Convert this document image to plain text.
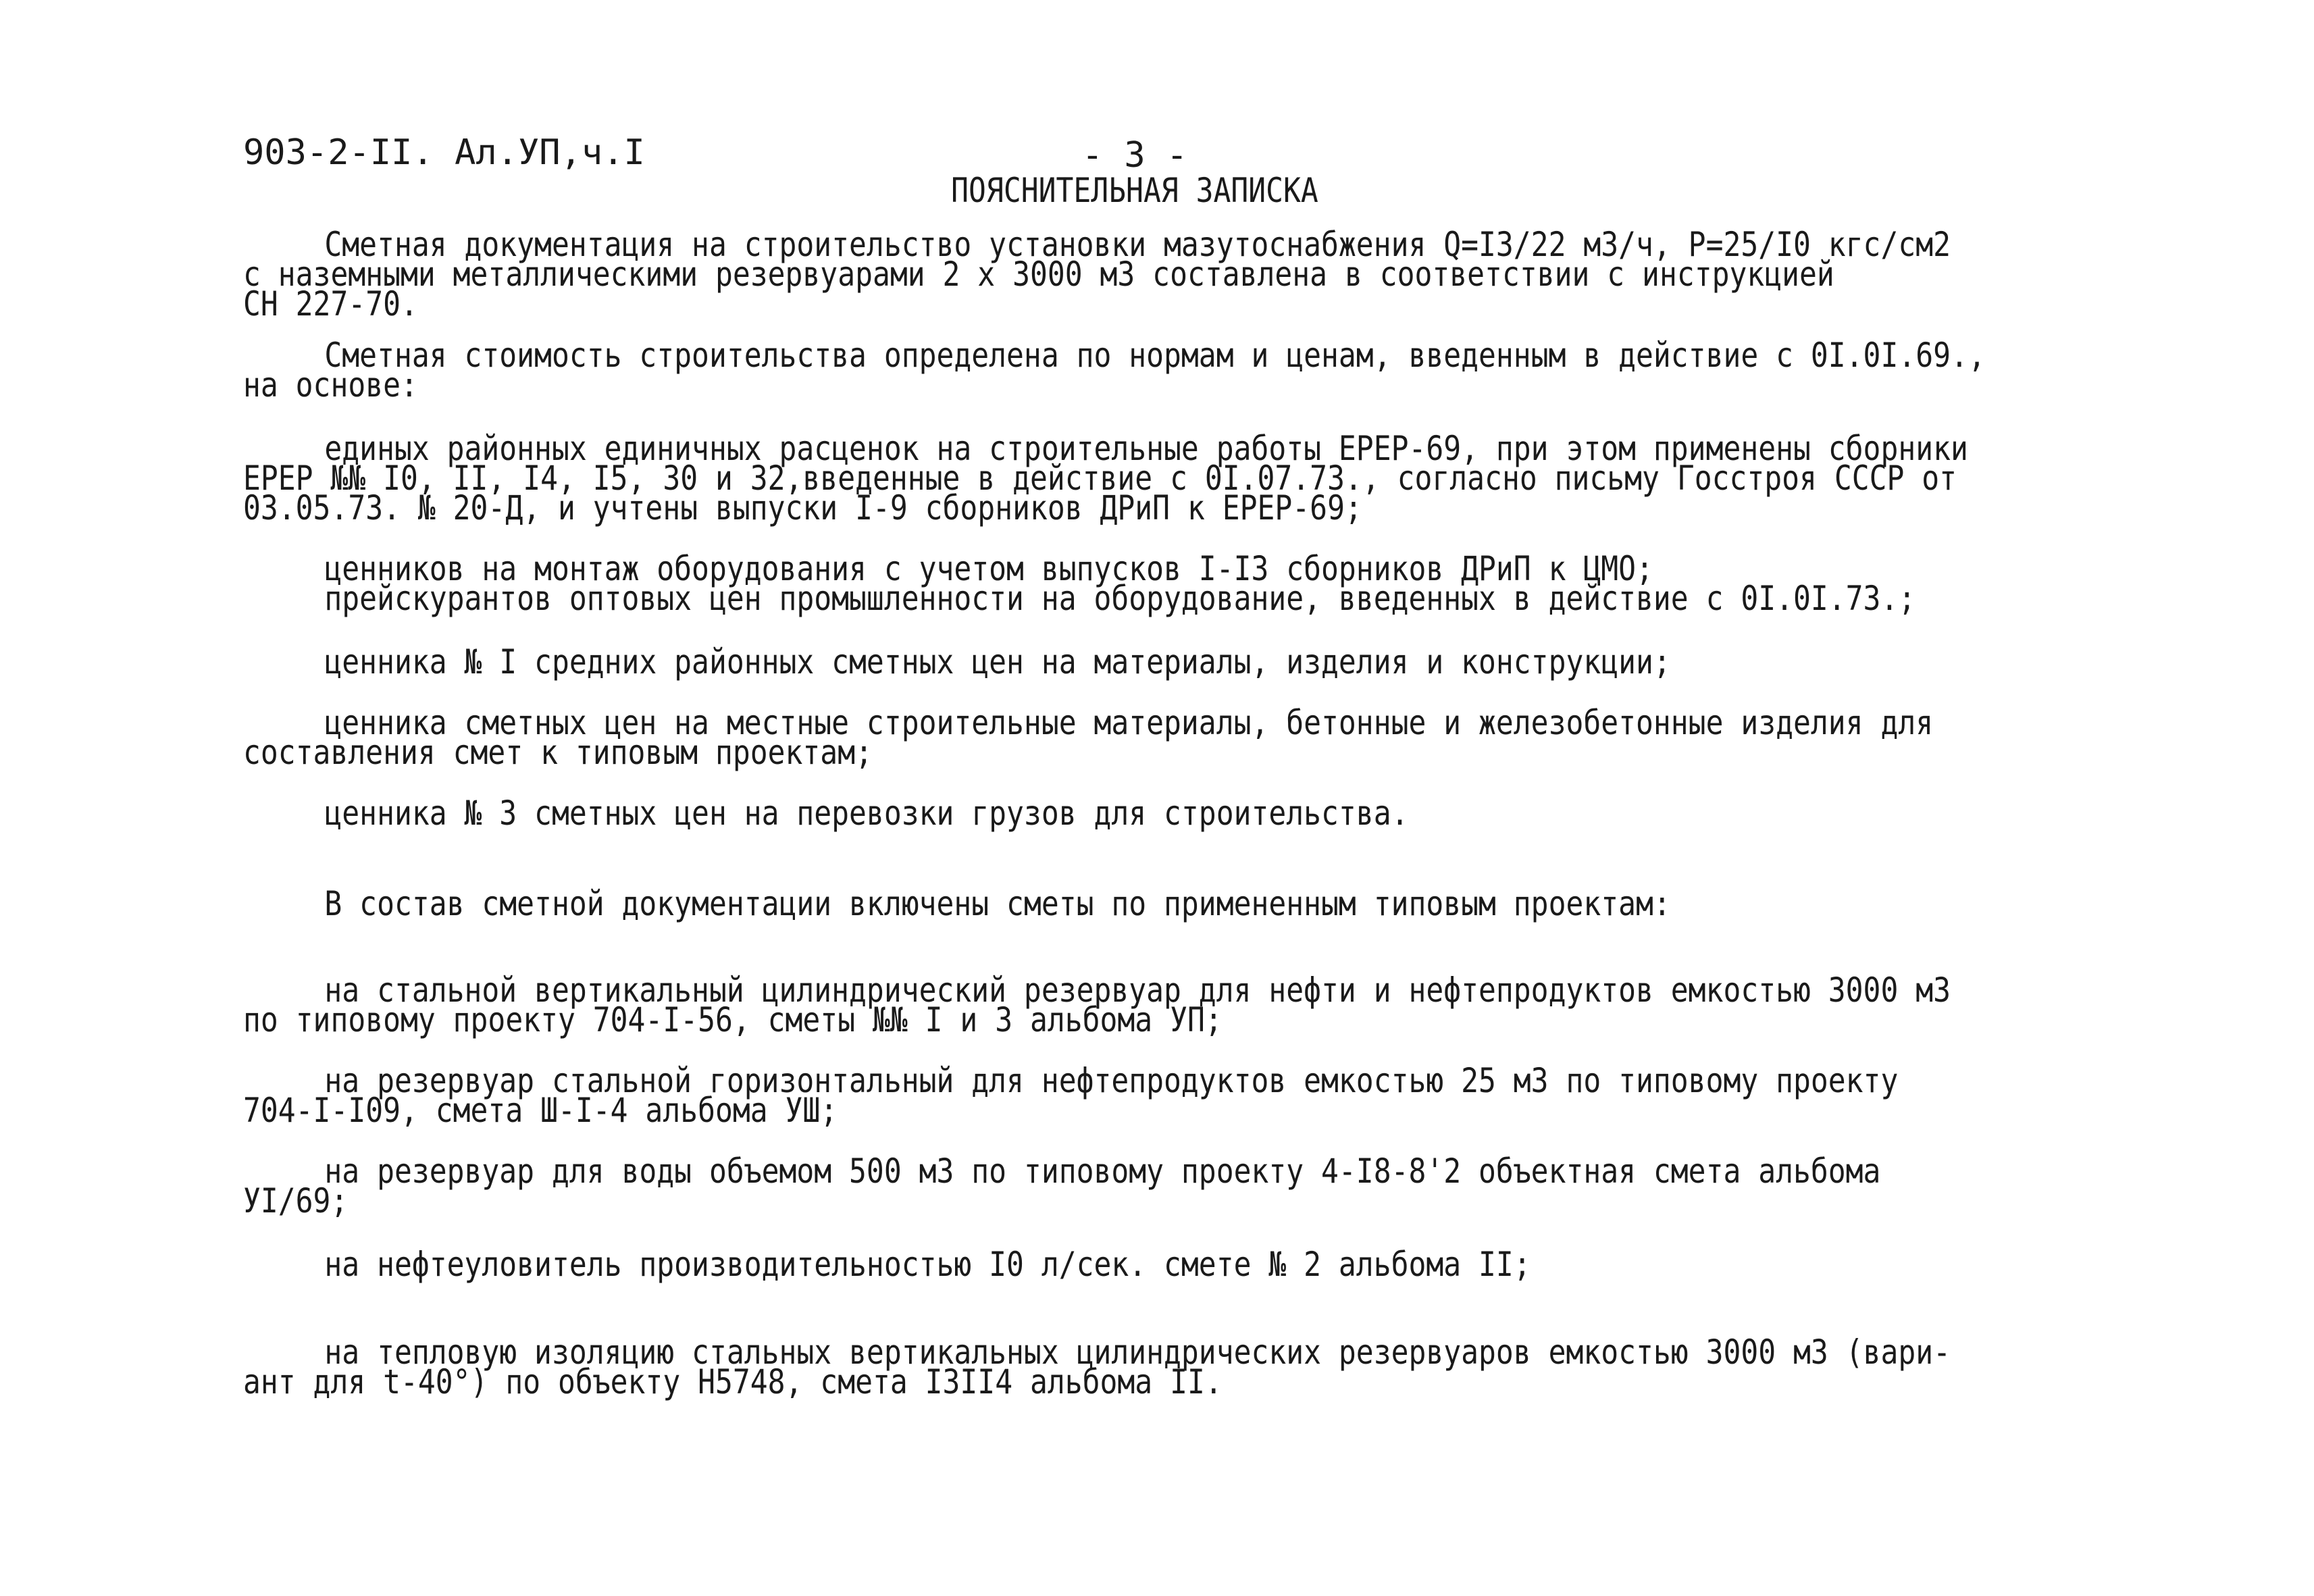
903-2-II. Ал.УП,ч.I	- 3 -
ПОЯСНИТЕЛЬНАЯ ЗАПИСКА

Сметная документация на строительство установки мазутоснабжения Q=I3/22 м3/ч, P=25/I0 кгс/см2
с наземными металлическими резервуарами 2 х 3000 м3 составлена в соответствии с инструкцией
СН 227-70.

Сметная стоимость строительства определена по нормам и ценам, введенным в действие с 0I.0I.69.,
на основе:

единых районных единичных расценок на строительные работы ЕРЕР-69, при этом применены сборники
ЕРЕР №№ I0, II, I4, I5, 30 и 32,введенные в действие с 0I.07.73., согласно письму Госстроя СССР от
03.05.73. № 20-Д, и учтены выпуски I-9 сборников ДРиП к ЕРЕР-69;

ценников на монтаж оборудования с учетом выпусков I-I3 сборников ДРиП к ЦМО;
прейскурантов оптовых цен промышленности на оборудование, введенных в действие с 0I.0I.73.;

ценника № I средних районных сметных цен на материалы, изделия и конструкции;

ценника сметных цен на местные строительные материалы, бетонные и железобетонные изделия для
составления смет к типовым проектам;

ценника № 3 сметных цен на перевозки грузов для строительства.

В состав сметной документации включены сметы по примененным типовым проектам:

на стальной вертикальный цилиндрический резервуар для нефти и нефтепродуктов емкостью 3000 м3
по типовому проекту 704-I-56, сметы №№ I и 3 альбома УП;

на резервуар стальной горизонтальный для нефтепродуктов емкостью 25 м3 по типовому проекту
704-I-I09, смета Ш-I-4 альбома УШ;

на резервуар для воды объемом 500 м3 по типовому проекту 4-I8-8'2 объектная смета альбома
УI/69;

на нефтеуловитель производительностью I0 л/сек. смете № 2 альбома II;

на тепловую изоляцию стальных вертикальных цилиндрических резервуаров емкостью 3000 м3 (вари-
ант для t-40°) по объекту Н5748, смета I3II4 альбома II.
